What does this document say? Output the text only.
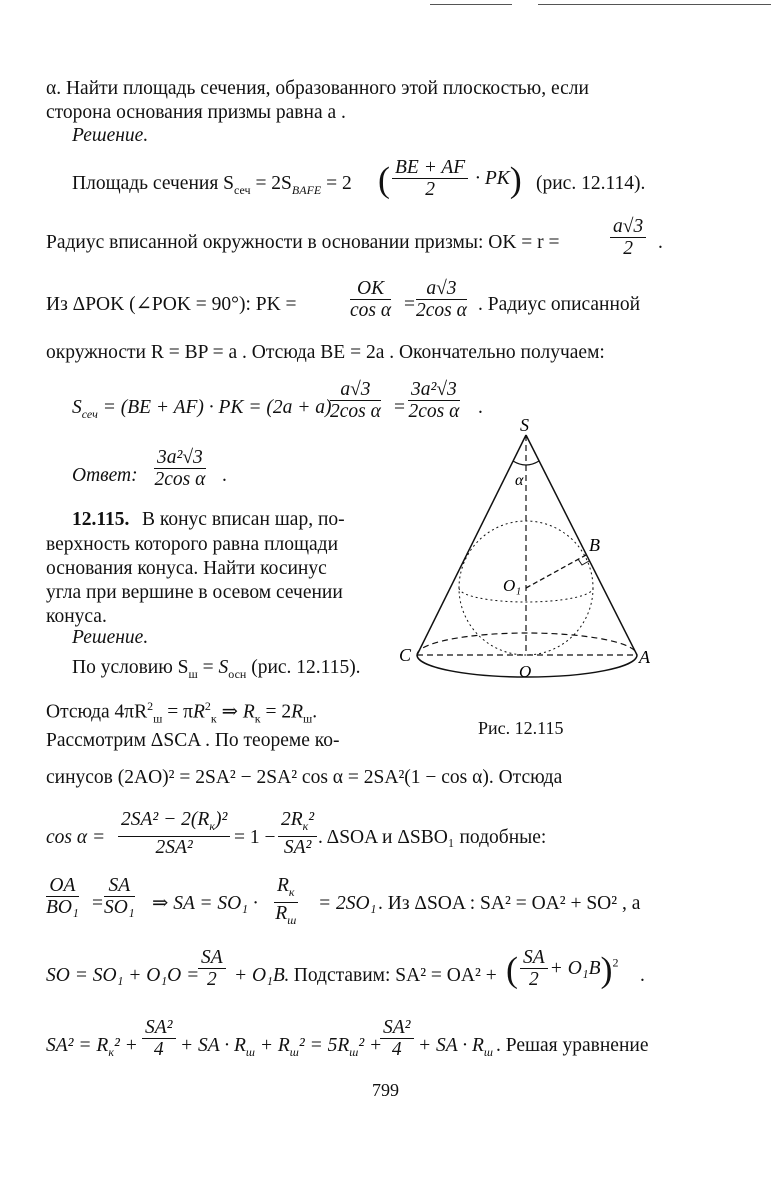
α. Найти площадь сечения, образованного этой плоскостью, если
сторона основания призмы равна a .
Решение.
Площадь сечения $S_{сеч} = 2S_{BAFE} = 2$ ( $\frac{BE + AF}{2} \cdot PK$) (рис. 12.114).
Радиус вписанной окружности в основании призмы: OK = r =
a√3
2	.
Из ΔPOK (∠POK = 90°): PK =
OK
cos α =
a√3
2cos α . Радиус описанной
окружности R = BP = a . Отсюда BE = 2a . Окончательно получаем:
$S_{сеч} = (BE + AF)$ · PK = (2a + a)
a√3
2cos α =
3a²√3
2cos α .
Ответ:
3a²√3
2cos α .
12.115. В конус вписан шар, по-
верхность которого равна площади
основания конуса. Найти косинус
угла при вершине в осевом сечении
конуса.
Решение.
По условию $S_ш = S_{осн}$ (рис. 12.115).
Отсюда $4\pi R^2_ш = \pi R^2_к$ ⇒ $R_к = 2R_ш$.
Рассмотрим ΔSCA . По теореме ко-
синусов (2AO)² = 2SA² − 2SA² cos α = 2SA²(1 − cos α). Отсюда
cos α =
$2SA^2 - 2(R_к)^2$
2SA²	= 1 −
$2R_к^2$
SA² . ΔSOA и ΔSBO₁ подобные:
OA
BO₁ =
SA
SO₁ ⇒ SA = SO₁ ·
$R_к$
$R_ш$
= 2SO₁ . Из ΔSOA : SA² = OA² + SO² , а
SO = SO₁ + O₁O =
SA
2 + O₁B . Подставим: SA² = OA² + ( $\frac{SA}{2} + O_1B)^2$
.
$SA^2 = R_к^2$ +
SA²
4 + SA · $R_ш + R_ш^2 = 5R_ш^2$ +
SA²
4 + SA · $R_ш$ . Решая уравнение
S
α
B
O₁
C	A
O
Рис. 12.115
799
